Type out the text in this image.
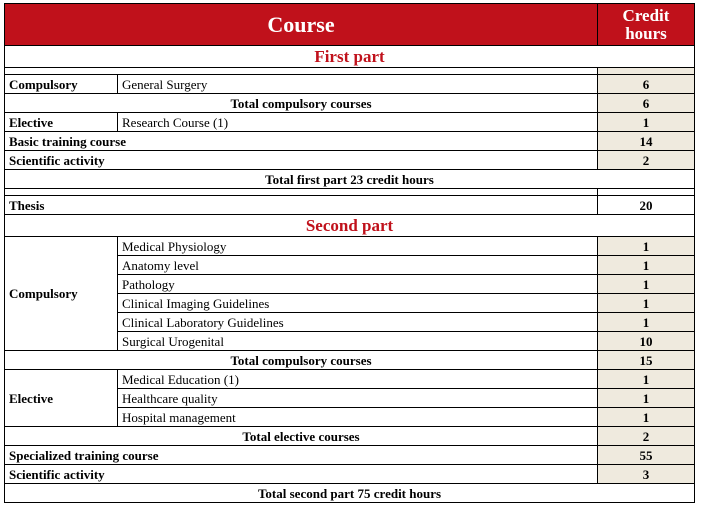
Course		Credit
hours
First part		

Compulsory	General Surgery	6
Total compulsory courses		6
Elective	Research Course (1)	1
Basic training course		14
Scientific activity		2
Total first part 23 credit hours		

Thesis		20
Second part		
Compulsory	Medical Physiology	1
	Anatomy level	1
	Pathology	1
	Clinical Imaging Guidelines	1
	Clinical Laboratory Guidelines	1
	Surgical Urogenital	10
Total compulsory courses		15
Elective	Medical Education (1)	1
	Healthcare quality	1
	Hospital management	1
Total elective courses		2
Specialized training course		55
Scientific activity		3
Total second part 75 credit hours		
